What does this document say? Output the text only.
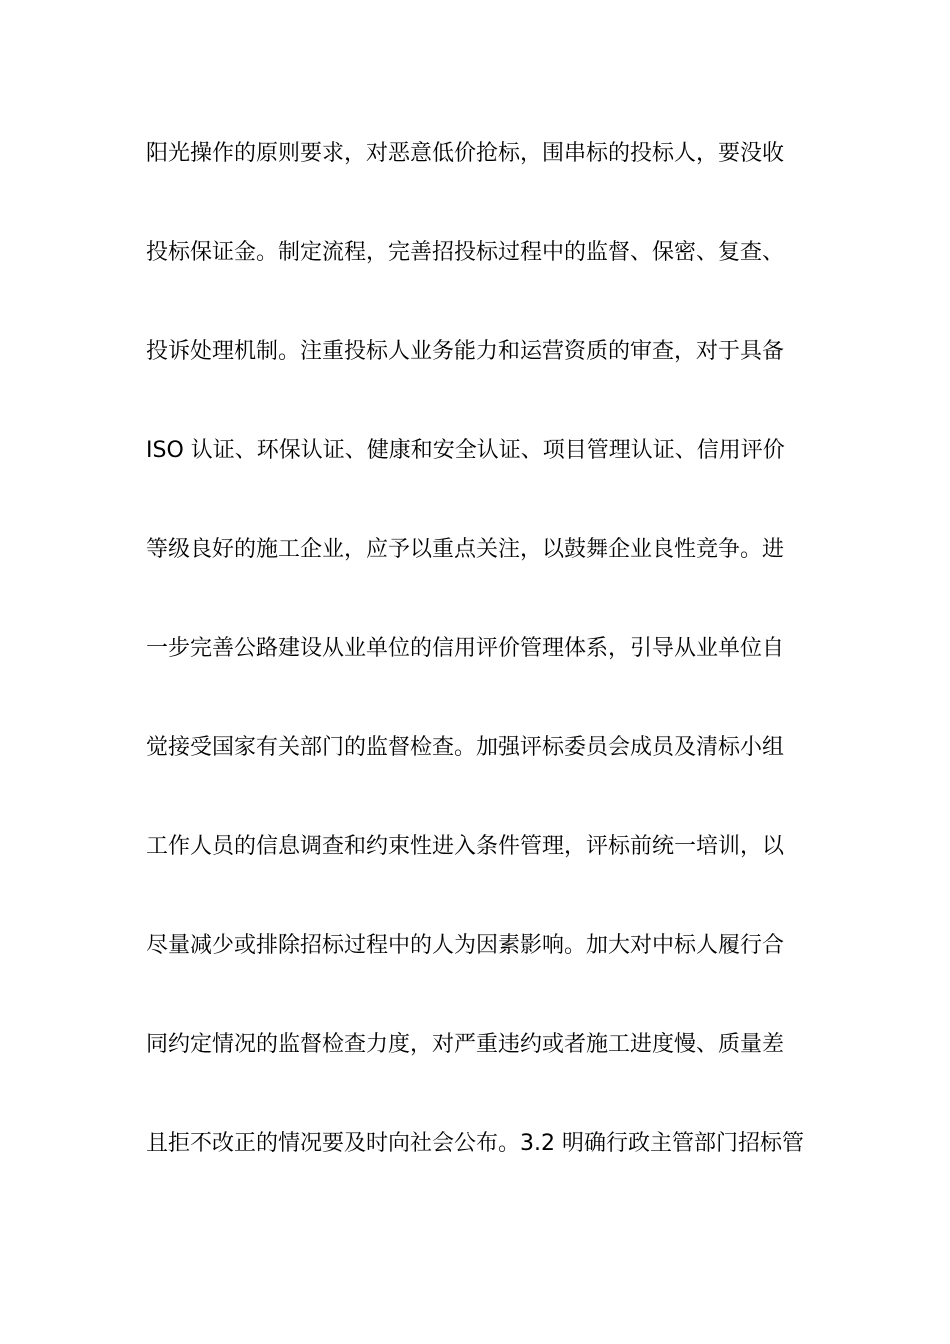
阳光操作的原则要求，对恶意低价抢标，围串标的投标人，要没收
投标保证金。制定流程，完善招投标过程中的监督、保密、复查、
投诉处理机制。注重投标人业务能力和运营资质的审查，对于具备
ISO 认证、环保认证、健康和安全认证、项目管理认证、信用评价
等级良好的施工企业，应予以重点关注，以鼓舞企业良性竞争。进
一步完善公路建设从业单位的信用评价管理体系，引导从业单位自
觉接受国家有关部门的监督检查。加强评标委员会成员及清标小组
工作人员的信息调查和约束性进入条件管理，评标前统一培训，以
尽量减少或排除招标过程中的人为因素影响。加大对中标人履行合
同约定情况的监督检查力度，对严重违约或者施工进度慢、质量差
且拒不改正的情况要及时向社会公布。3.2 明确行政主管部门招标管
